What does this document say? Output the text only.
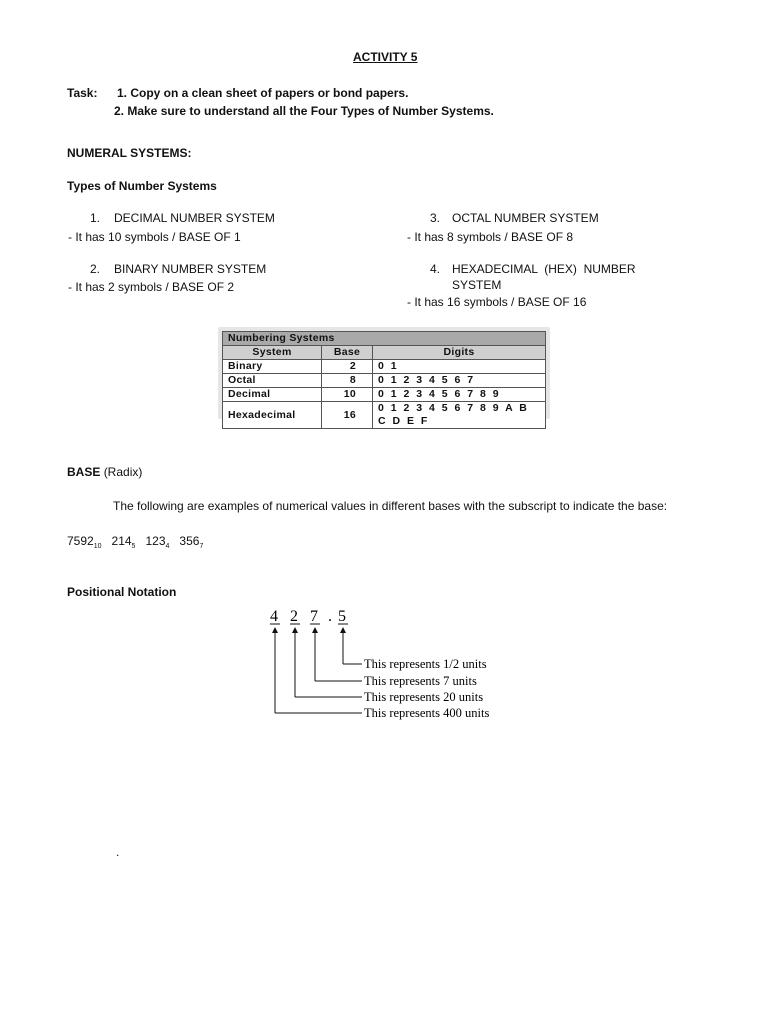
ACTIVITY 5
Task: 1. Copy on a clean sheet of papers or bond papers.
2. Make sure to understand all the Four Types of Number Systems.
NUMERAL SYSTEMS:
Types of Number Systems
1. DECIMAL NUMBER SYSTEM
- It has 10 symbols / BASE OF 1
2. BINARY NUMBER SYSTEM
- It has 2 symbols / BASE OF 2
3. OCTAL NUMBER SYSTEM
- It has 8 symbols / BASE OF 8
4. HEXADECIMAL  (HEX)  NUMBER
SYSTEM
- It has 16 symbols / BASE OF 16
Numbering Systems		
System	Base	Digits
Binary	2	0 1
Octal	8	0 1 2 3 4 5 6 7
Decimal	10	0 1 2 3 4 5 6 7 8 9
Hexadecimal	16	0 1 2 3 4 5 6 7 8 9 A B C D E F
BASE (Radix)
The following are examples of numerical values in different bases with the subscript to indicate the base:
$7592_{10}$ $214_5$ $123_4$ $356_7$
Positional Notation
4 2 7 . 5
This represents 1/2 units
This represents 7 units
This represents 20 units
This represents 400 units
.
